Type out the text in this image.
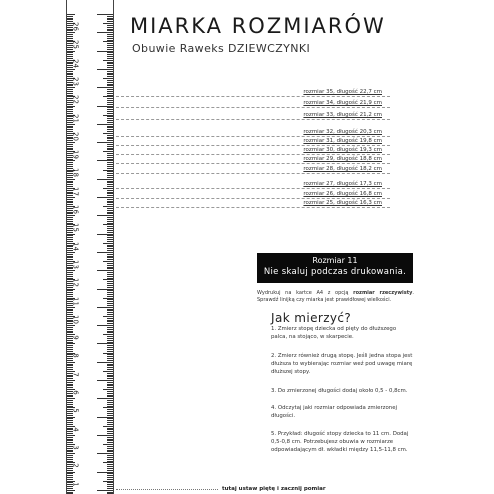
26
25
24
23
22
21
20
19
18
17
16
15
14
13
12
11
10
9
8
7
6
5
4
3
2
1
MIARKA ROZMIARÓW
Obuwie Raweks DZIEWCZYNKI
rozmiar 35, długość 22,7 cm
rozmiar 34, długość 21,9 cm
rozmiar 33, długość 21,2 cm
rozmiar 32, długość 20,3 cm
rozmiar 31, długość 19,8 cm
rozmiar 30, długość 19,3 cm
rozmiar 29, długość 18,8 cm
rozmiar 28, długość 18,2 cm
rozmiar 27, długość 17,3 cm
rozmiar 26, długość 16,8 cm
rozmiar 25, długość 16,3 cm
Rozmiar 11
Nie skaluj podczas drukowania.
Wydrukuj na kartce A4 z opcją rozmiar rzeczywisty. Sprawdź linijką czy miarka jest prawidłowej wielkości.
Jak mierzyć?
1. Zmierz stopę dziecka od pięty do dłuższego palca, na stojąco, w skarpecie.
2. Zmierz również drugą stopę. Jeśli jedna stopa jest dłuższa to wybierając rozmiar weź pod uwagę miarę dłuższej stopy.
3. Do zmierzonej długości dodaj około 0,5 - 0,8cm.
4. Odczytaj jaki rozmiar odpowiada zmierzonej długości.
5. Przykład: długość stopy dziecka to 11 cm. Dodaj 0,5-0,8 cm. Potrzebujesz obuwia w rozmiarze odpowiadającym dł. wkładki między 11,5-11,8 cm.
tutaj ustaw piętę i zacznij pomiar
